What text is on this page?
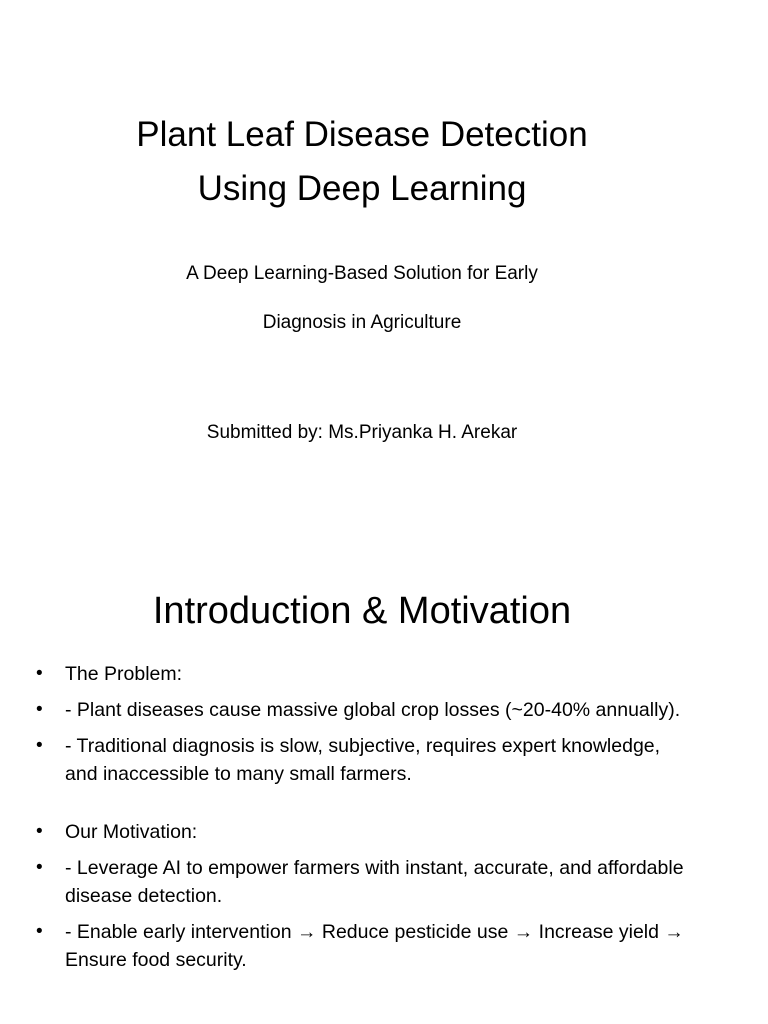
Plant Leaf Disease Detection
Using Deep Learning

A Deep Learning-Based Solution for Early

Diagnosis in Agriculture

Submitted by: Ms.Priyanka H. Arekar

Introduction & Motivation
• The Problem:
• - Plant diseases cause massive global crop losses (~20-40% annually).
• - Traditional diagnosis is slow, subjective, requires expert knowledge, and inaccessible to many small farmers.
• Our Motivation:
• - Leverage AI to empower farmers with instant, accurate, and affordable disease detection.
• - Enable early intervention → Reduce pesticide use → Increase yield → Ensure food security.
